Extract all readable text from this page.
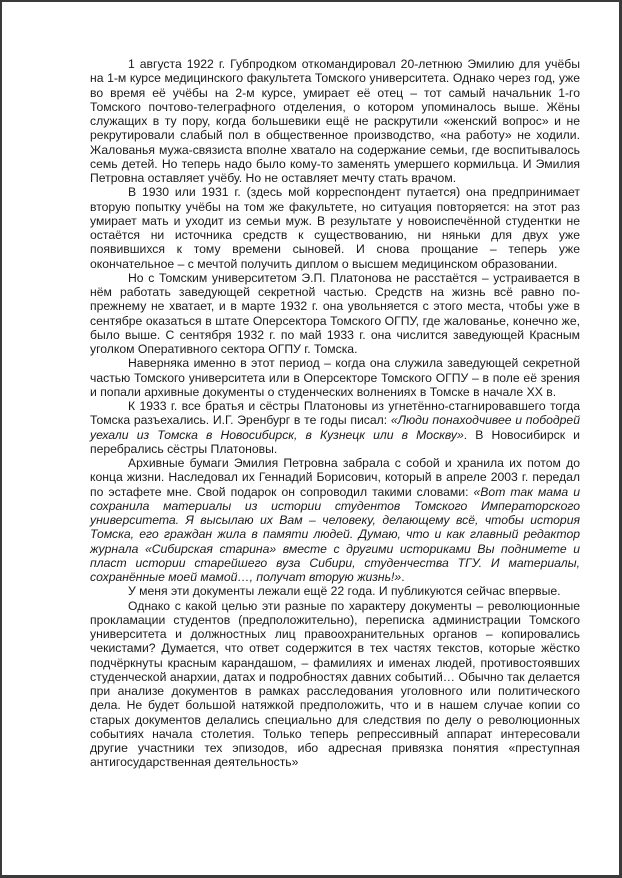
1 августа 1922 г. Губпродком откомандировал 20-летнюю Эмилию для учёбы на 1-м курсе медицинского факультета Томского университета. Однако через год, уже во время её учёбы на 2-м курсе, умирает её отец – тот самый начальник 1-го Томского почтово-телеграфного отделения, о котором упоминалось выше. Жёны служащих в ту пору, когда большевики ещё не раскрутили «женский вопрос» и не рекрутировали слабый пол в общественное производство, «на работу» не ходили. Жалованья мужа-связиста вполне хватало на содержание семьи, где воспитывалось семь детей. Но теперь надо было кому-то заменять умершего кормильца. И Эмилия Петровна оставляет учёбу. Но не оставляет мечту стать врачом.

В 1930 или 1931 г. (здесь мой корреспондент путается) она предпринимает вторую попытку учёбы на том же факультете, но ситуация повторяется: на этот раз умирает мать и уходит из семьи муж. В результате у новоиспечённой студентки не остаётся ни источника средств к существованию, ни няньки для двух уже появившихся к тому времени сыновей. И снова прощание – теперь уже окончательное – с мечтой получить диплом о высшем медицинском образовании.

Но с Томским университетом Э.П. Платонова не расстаётся – устраивается в нём работать заведующей секретной частью. Средств на жизнь всё равно по-прежнему не хватает, и в марте 1932 г. она увольняется с этого места, чтобы уже в сентябре оказаться в штате Оперсектора Томского ОГПУ, где жалованье, конечно же, было выше. С сентября 1932 г. по май 1933 г. она числится заведующей Красным уголком Оперативного сектора ОГПУ г. Томска.

Наверняка именно в этот период – когда она служила заведующей секретной частью Томского университета или в Оперсекторе Томского ОГПУ – в поле её зрения и попали архивные документы о студенческих волнениях в Томске в начале XX в.

К 1933 г. все братья и сёстры Платоновы из угнетённо-стагнировавшего тогда Томска разъехались. И.Г. Эренбург в те годы писал: «Люди понаходчивее и пободрей уехали из Томска в Новосибирск, в Кузнецк или в Москву». В Новосибирск и перебрались сёстры Платоновы.

Архивные бумаги Эмилия Петровна забрала с собой и хранила их потом до конца жизни. Наследовал их Геннадий Борисович, который в апреле 2003 г. передал по эстафете мне. Свой подарок он сопроводил такими словами: «Вот так мама и сохранила материалы из истории студентов Томского Императорского университета. Я высылаю их Вам – человеку, делающему всё, чтобы история Томска, его граждан жила в памяти людей. Думаю, что и как главный редактор журнала «Сибирская старина» вместе с другими историками Вы поднимете и пласт истории старейшего вуза Сибири, студенчества ТГУ. И материалы, сохранённые моей мамой…, получат вторую жизнь!».

У меня эти документы лежали ещё 22 года. И публикуются сейчас впервые.

Однако с какой целью эти разные по характеру документы – революционные прокламации студентов (предположительно), переписка администрации Томского университета и должностных лиц правоохранительных органов – копировались чекистами? Думается, что ответ содержится в тех частях текстов, которые жёстко подчёркнуты красным карандашом, – фамилиях и именах людей, противостоявших студенческой анархии, датах и подробностях давних событий… Обычно так делается при анализе документов в рамках расследования уголовного или политического дела. Не будет большой натяжкой предположить, что и в нашем случае копии со старых документов делались специально для следствия по делу о революционных событиях начала столетия. Только теперь репрессивный аппарат интересовали другие участники тех эпизодов, ибо адресная привязка понятия «преступная антигосударственная деятельность»
